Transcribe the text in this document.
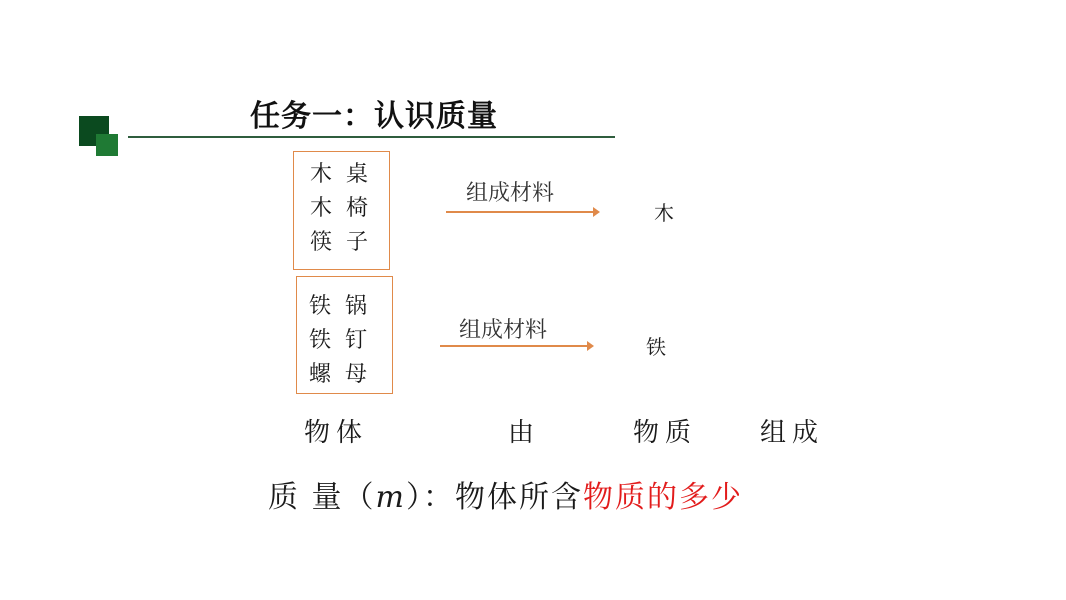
任务一：认识质量
木  桌
木  椅
筷  子
组成材料
木
铁  锅
铁  钉
螺  母
组成材料
铁
物体	由	物质 组成
质 量（m）：物体所含物质的多少
